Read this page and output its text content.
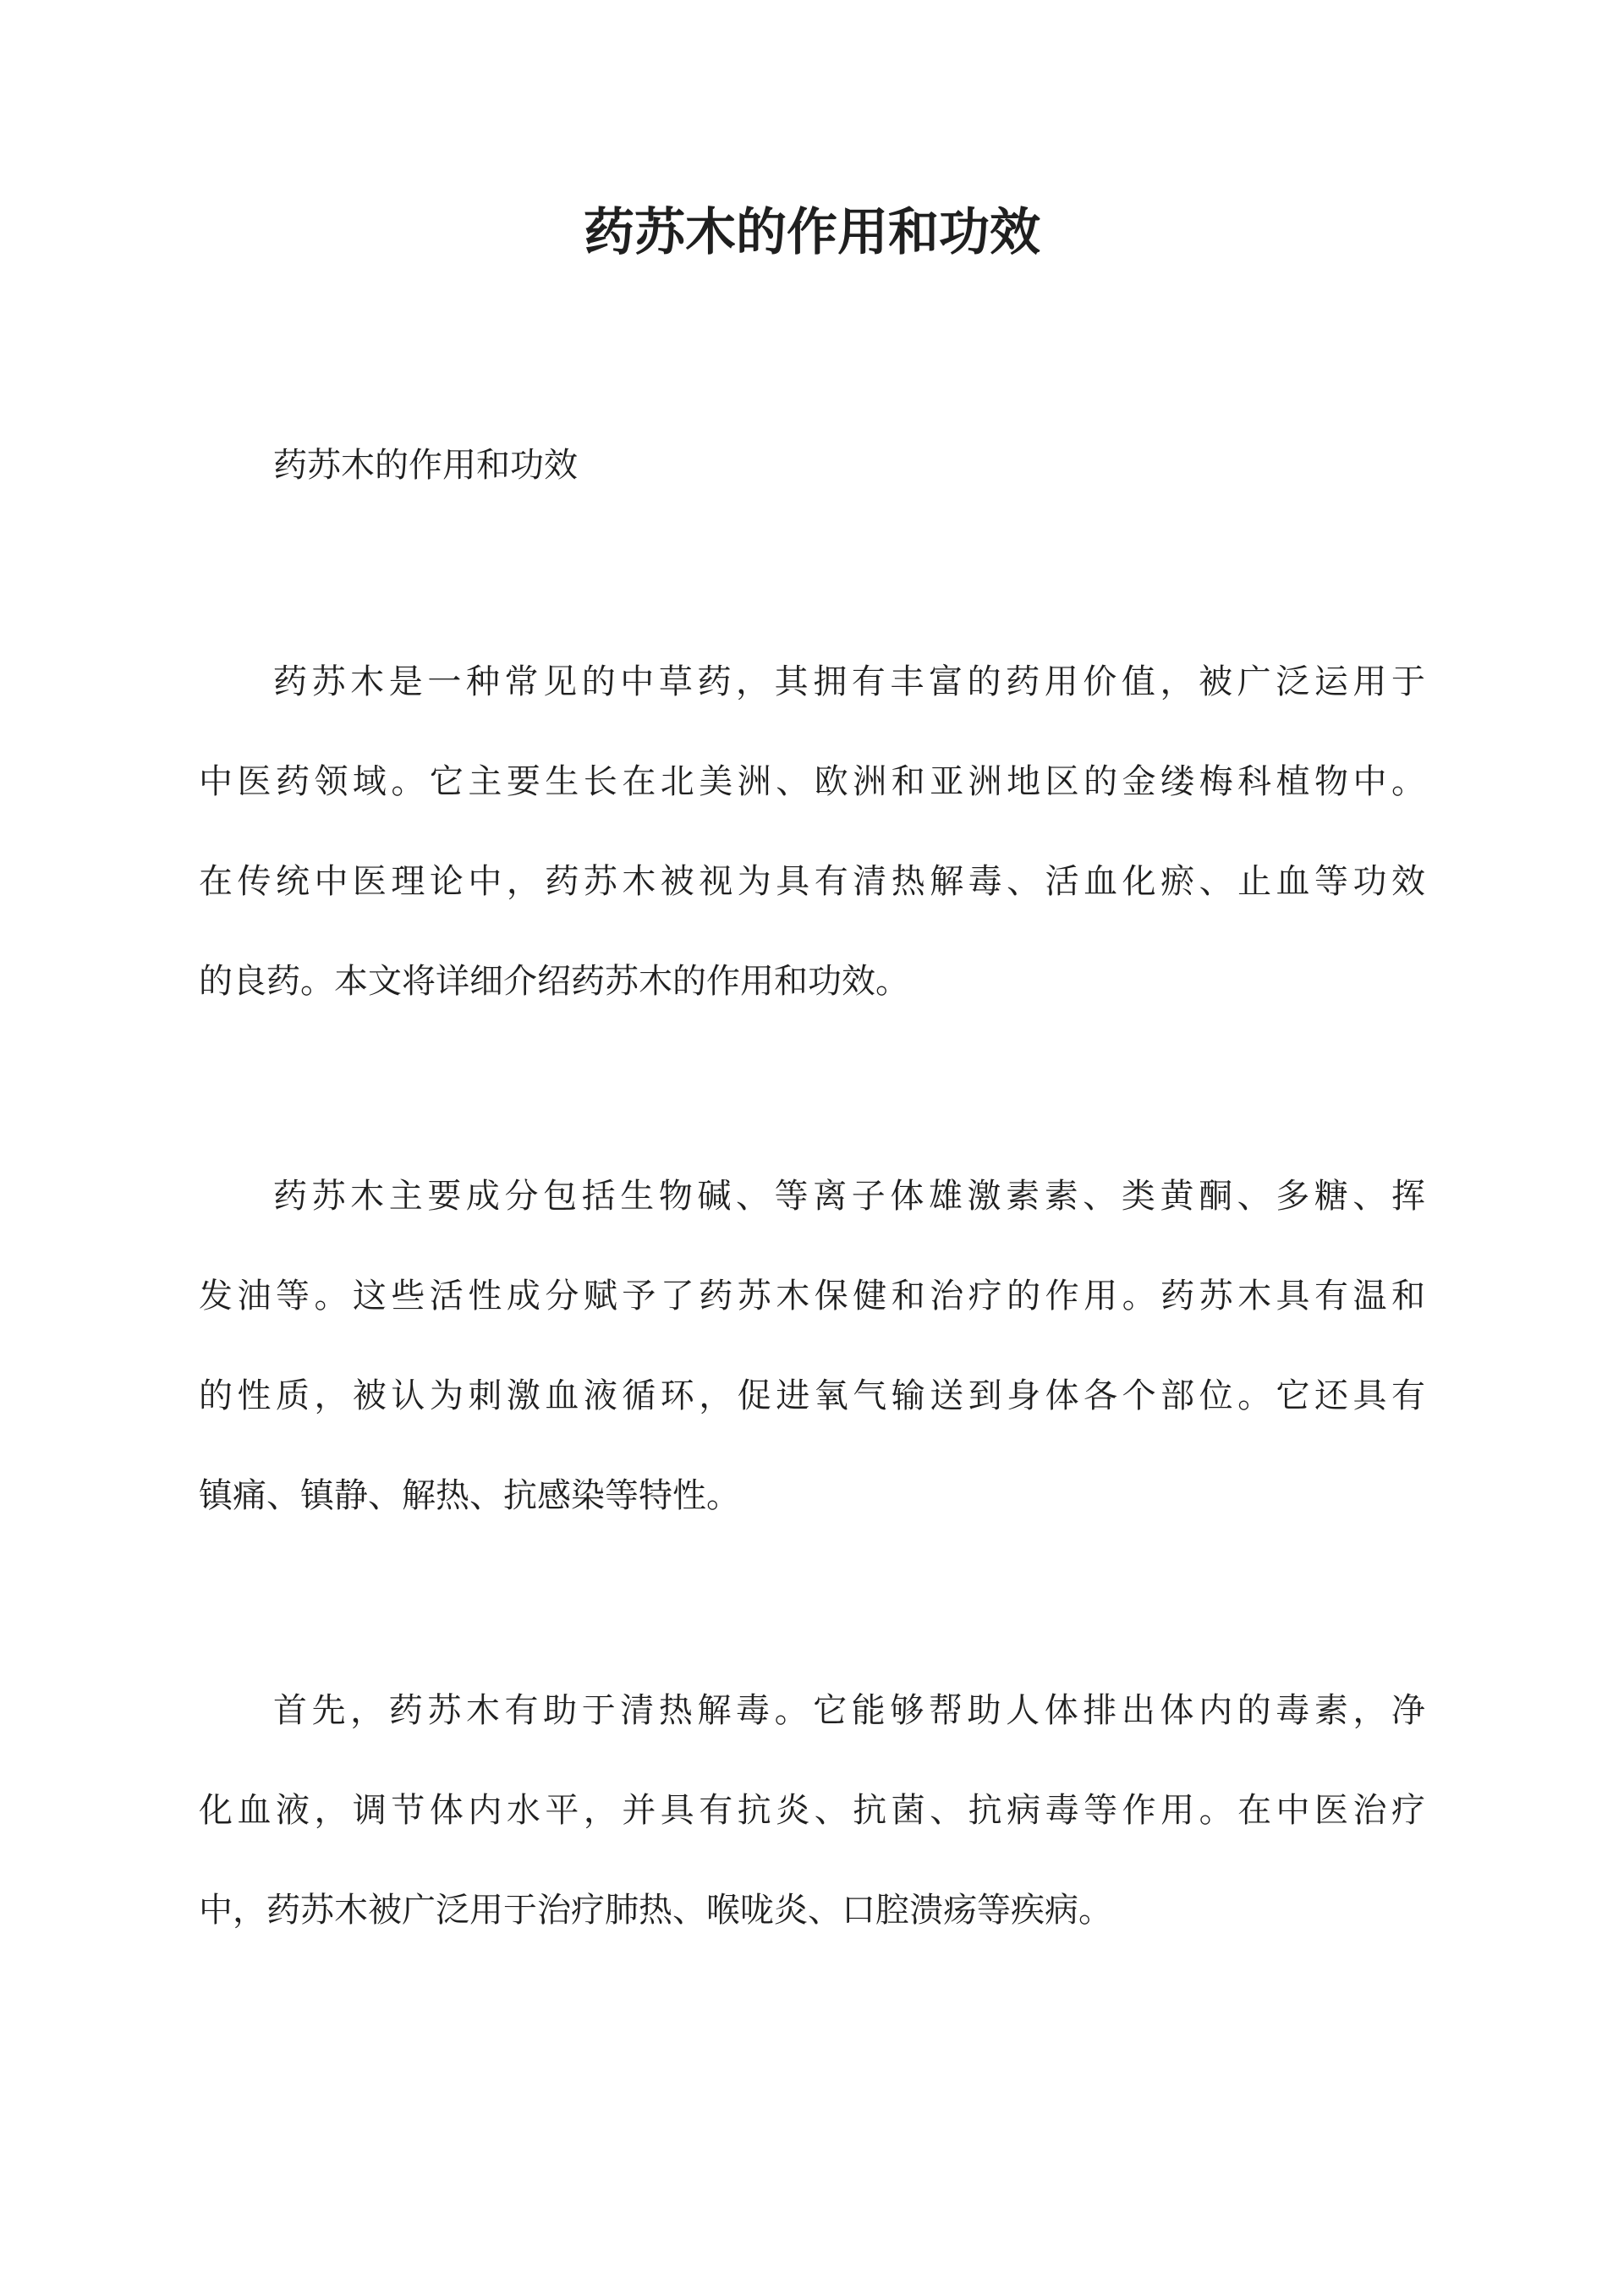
药苏木的作用和功效

药苏木的作用和功效

药苏木是一种常见的中草药，其拥有丰富的药用价值，被广泛运用于

中医药领域。它主要生长在北美洲、欧洲和亚洲地区的金缕梅科植物中。

在传统中医理论中，药苏木被视为具有清热解毒、活血化瘀、止血等功效

的良药。本文将详细介绍药苏木的作用和功效。

药苏木主要成分包括生物碱、等离子体雄激素素、类黄酮、多糖、挥

发油等。这些活性成分赋予了药苏木保健和治疗的作用。药苏木具有温和

的性质，被认为刺激血液循环，促进氧气输送到身体各个部位。它还具有

镇痛、镇静、解热、抗感染等特性。

首先，药苏木有助于清热解毒。它能够帮助人体排出体内的毒素，净

化血液，调节体内水平，并具有抗炎、抗菌、抗病毒等作用。在中医治疗

中，药苏木被广泛用于治疗肺热、喉咙炎、口腔溃疡等疾病。
